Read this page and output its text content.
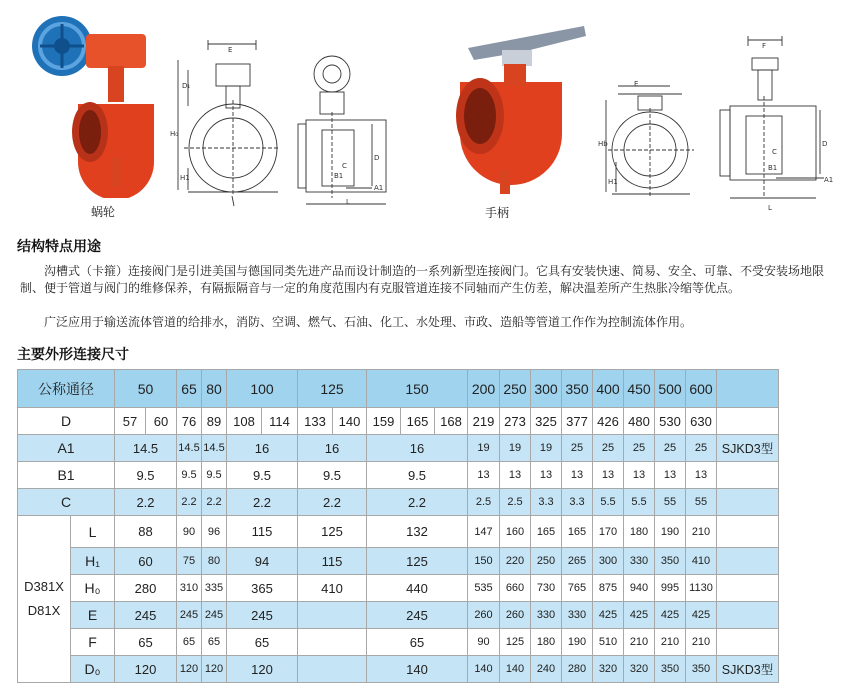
蜗轮
E
D₁
H₀
H1
L
D
C
A1
B1
手柄
E
Hb
H1
F
D
C
A1
B1
L
结构特点用途

沟槽式（卡箍）连接阀门是引进美国与德国同类先进产品而设计制造的一系列新型连接阀门。它具有安装快速、简易、安全、可靠、不受安装场地限制、便于管道与阀门的维修保养，有隔振隔音与一定的角度范围内有克服管道连接不同轴而产生仿差，解决温差所产生热胀冷缩等优点。

广泛应用于输送流体管道的给排水，消防、空调、燃气、石油、化工、水处理、市政、造船等管道工作作为控制流体作用。

主要外形连接尺寸
公称通径		50		65	80	100		125		150			200	250	300	350	400	450	500	600	
D		57	60	76	89	108	114	133	140	159	165	168	219	273	325	377	426	480	530	630	
A1		14.5		14.5	14.5	16		16		16			19	19	19	25	25	25	25	25	SJKD3型
B1		9.5		9.5	9.5	9.5		9.5		9.5			13	13	13	13	13	13	13	13	
C		2.2		2.2	2.2	2.2		2.2		2.2			2.5	2.5	3.3	3.3	5.5	5.5	55	55	

D381X
D81X	L	88		90	96	115		125		132			147	160	165	165	170	180	190	210	
	H₁	60		75	80	94		115		125			150	220	250	265	300	330	350	410	
	H₀	280		310	335	365		410		440			535	660	730	765	875	940	995	1130	
	E	245		245	245	245				245			260	260	330	330	425	425	425	425	
	F	65		65	65	65				65			90	125	180	190	510	210	210	210	
	D₀	120		120	120	120				140			140	140	240	280	320	320	350	350	SJKD3型
